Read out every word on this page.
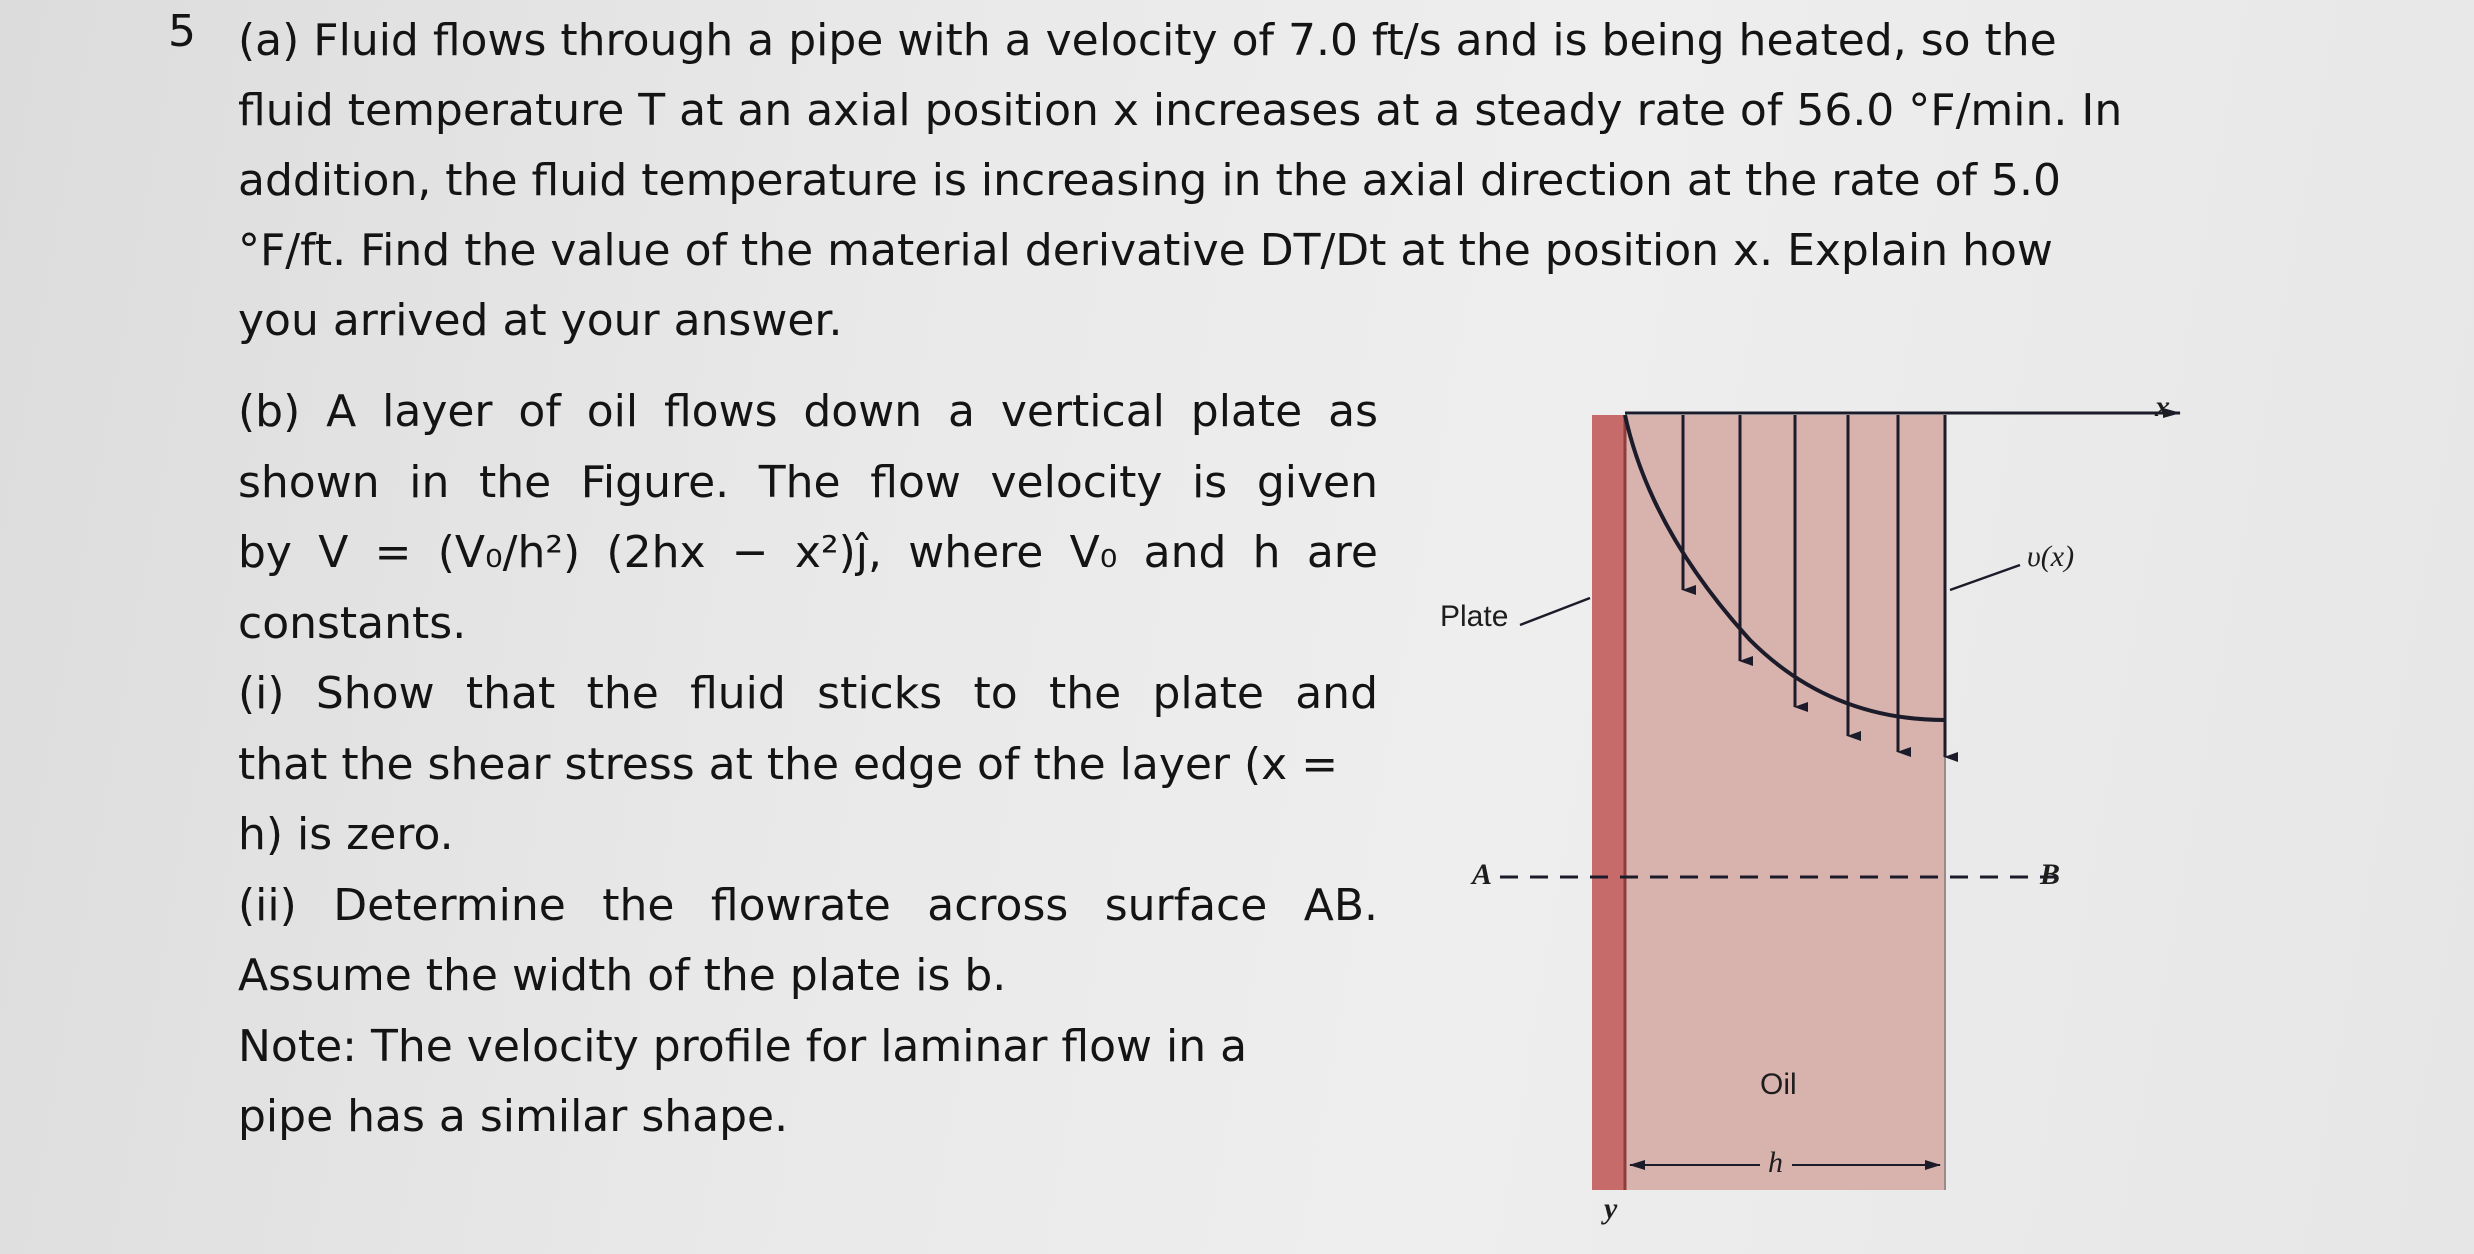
5 (a) Fluid flows through a pipe with a velocity of 7.0 ft/s and is being heated, so the
fluid temperature T at an axial position x increases at a steady rate of 56.0 °F/min. In
addition, the fluid temperature is increasing in the axial direction at the rate of 5.0
°F/ft. Find the value of the material derivative DT/Dt at the position x. Explain how
you arrived at your answer.
(b) A layer of oil flows down a vertical plate as
shown in the Figure. The flow velocity is given
by V = (V₀/h²) (2hx − x²)ĵ, where V₀ and h are
constants.
(i) Show that the fluid sticks to the plate and
that the shear stress at the edge of the layer (x =
h) is zero.
(ii) Determine the flowrate across surface AB.
Assume the width of the plate is b.
Note: The velocity profile for laminar flow in a
pipe has a similar shape.
Plate
υ(x)
x
A	B
Oil
h
y
